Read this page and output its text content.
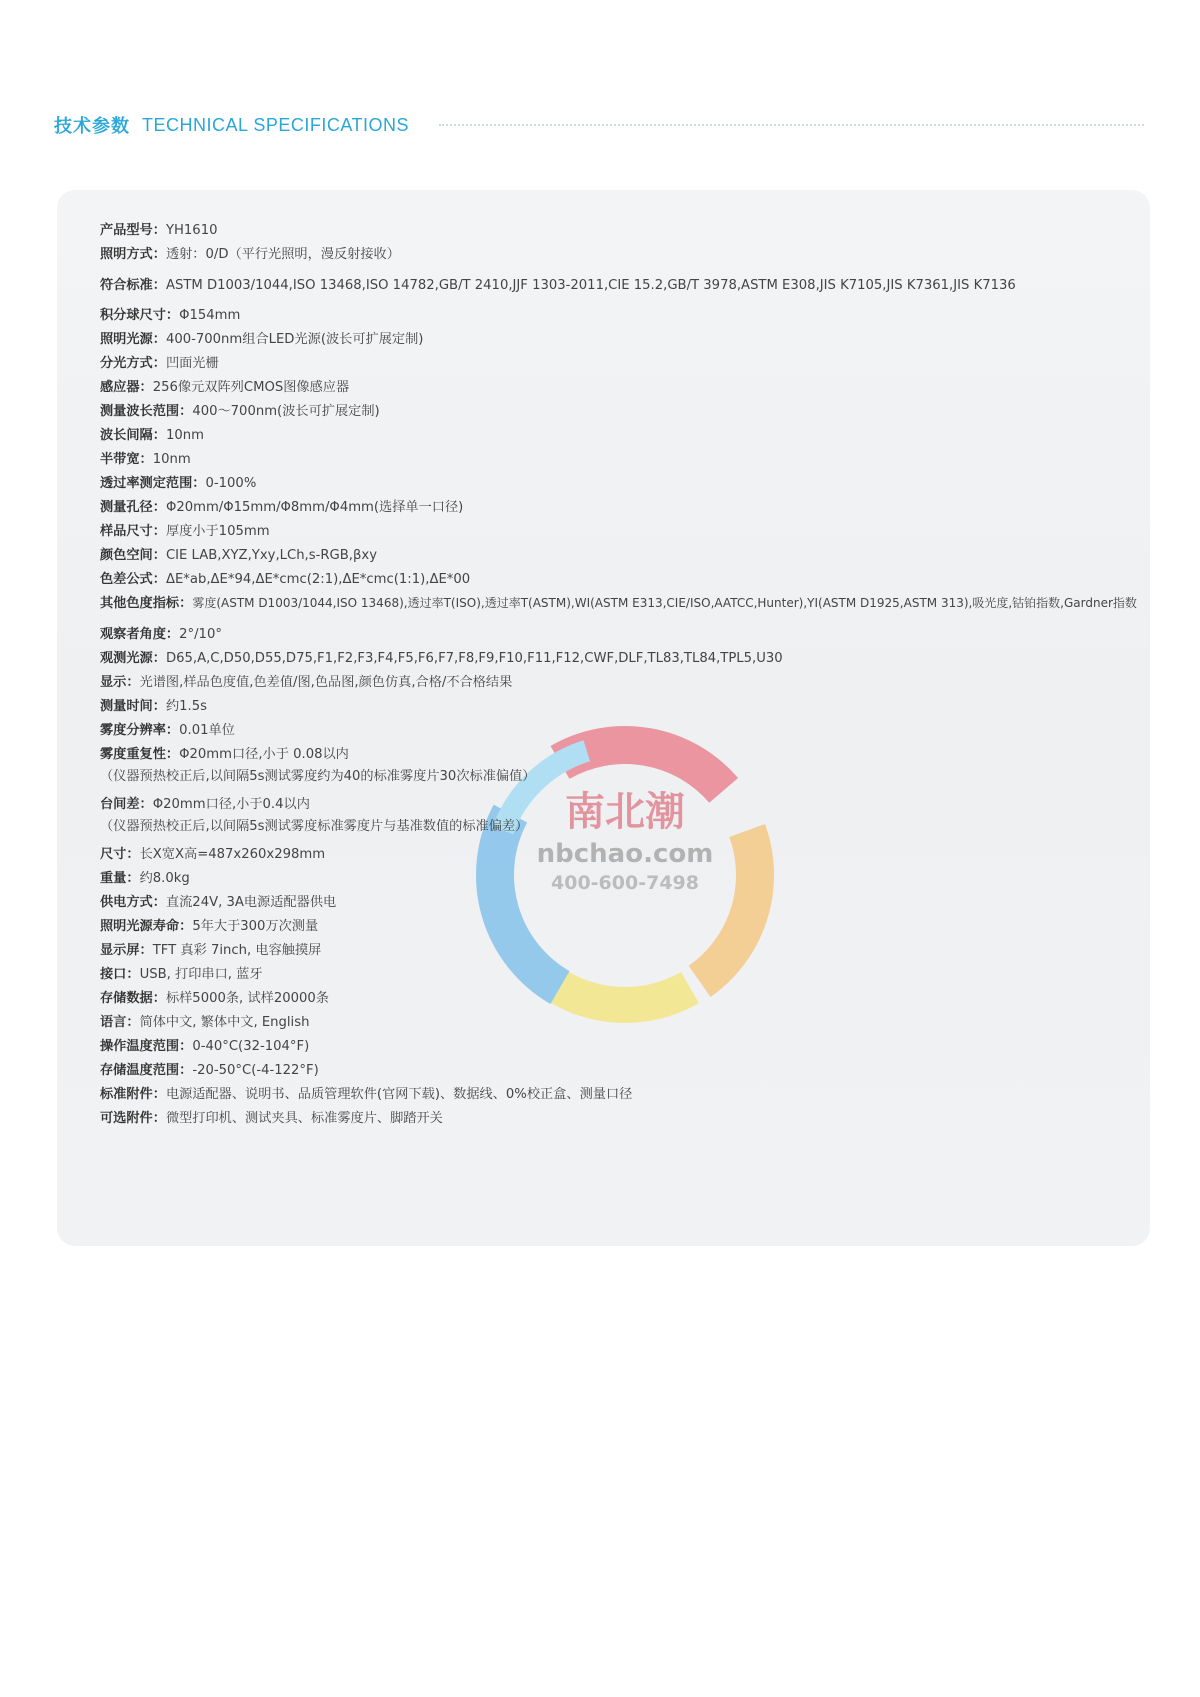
技术参数 TECHNICAL SPECIFICATIONS
南北潮
nbchao.com
400-600-7498
产品型号：YH1610
照明方式：透射：0/D（平行光照明，漫反射接收）
符合标准：ASTM D1003/1044,ISO 13468,ISO 14782,GB/T 2410,JJF 1303-2011,CIE 15.2,GB/T 3978,ASTM E308,JIS K7105,JIS K7361,JIS K7136
积分球尺寸：Φ154mm
照明光源：400-700nm组合LED光源(波长可扩展定制)
分光方式：凹面光栅
感应器：256像元双阵列CMOS图像感应器
测量波长范围：400～700nm(波长可扩展定制)
波长间隔：10nm
半带宽：10nm
透过率测定范围：0-100%
测量孔径：Φ20mm/Φ15mm/Φ8mm/Φ4mm(选择单一口径)
样品尺寸：厚度小于105mm
颜色空间：CIE LAB,XYZ,Yxy,LCh,s-RGB,βxy
色差公式：ΔE*ab,ΔE*94,ΔE*cmc(2:1),ΔE*cmc(1:1),ΔE*00
其他色度指标：雾度(ASTM D1003/1044,ISO 13468),透过率T(ISO),透过率T(ASTM),WI(ASTM E313,CIE/ISO,AATCC,Hunter),YI(ASTM D1925,ASTM 313),吸光度,钴铂指数,Gardner指数
观察者角度：2°/10°
观测光源：D65,A,C,D50,D55,D75,F1,F2,F3,F4,F5,F6,F7,F8,F9,F10,F11,F12,CWF,DLF,TL83,TL84,TPL5,U30
显示：光谱图,样品色度值,色差值/图,色品图,颜色仿真,合格/不合格结果
测量时间：约1.5s
雾度分辨率：0.01单位
雾度重复性：Φ20mm口径,小于 0.08以内
（仪器预热校正后,以间隔5s测试雾度约为40的标准雾度片30次标准偏值）
台间差：Φ20mm口径,小于0.4以内
（仪器预热校正后,以间隔5s测试雾度标准雾度片与基准数值的标准偏差）
尺寸：长X宽X高=487x260x298mm
重量：约8.0kg
供电方式：直流24V, 3A电源适配器供电
照明光源寿命：5年大于300万次测量
显示屏：TFT 真彩 7inch, 电容触摸屏
接口：USB, 打印串口, 蓝牙
存储数据：标样5000条, 试样20000条
语言：简体中文, 繁体中文, English
操作温度范围：0-40°C(32-104°F)
存储温度范围：-20-50°C(-4-122°F)
标准附件：电源适配器、说明书、品质管理软件(官网下载)、数据线、0%校正盒、测量口径
可选附件：微型打印机、测试夹具、标准雾度片、脚踏开关
